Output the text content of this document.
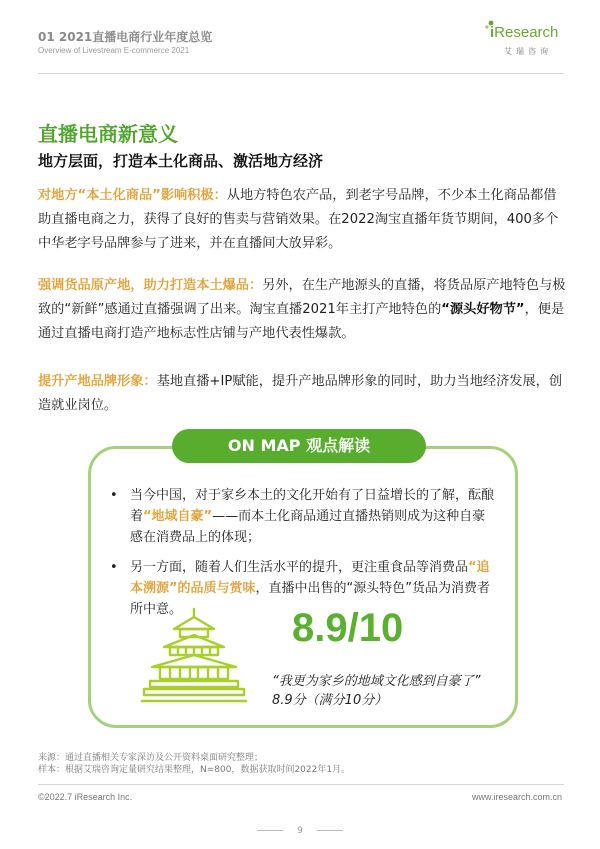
01 2021直播电商行业年度总览
Overview of Livestream E-commerce 2021
iResearch
艾瑞咨询
直播电商新意义
地方层面，打造本土化商品、激活地方经济
对地方“本土化商品”影响积极：从地方特色农产品，到老字号品牌，不少本土化商品都借助直播电商之力，获得了良好的售卖与营销效果。在2022淘宝直播年货节期间，400多个中华老字号品牌参与了进来，并在直播间大放异彩。
强调货品原产地，助力打造本土爆品：另外，在生产地源头的直播，将货品原产地特色与极致的“新鲜”感通过直播强调了出来。淘宝直播2021年主打产地特色的“源头好物节”，便是通过直播电商打造产地标志性店铺与产地代表性爆款。
提升产地品牌形象：基地直播+IP赋能，提升产地品牌形象的同时，助力当地经济发展，创造就业岗位。
ON MAP 观点解读
• 当今中国，对于家乡本土的文化开始有了日益增长的了解，酝酿着“地域自豪”——而本土化商品通过直播热销则成为这种自豪感在消费品上的体现；
• 另一方面，随着人们生活水平的提升，更注重食品等消费品“追本溯源”的品质与赏味，直播中出售的“源头特色”货品为消费者所中意。	8.9/10
“我更为家乡的地域文化感到自豪了” 8.9分（满分10分）
来源：通过直播相关专家深访及公开资料桌面研究整理；
样本：根据艾瑞咨询定量研究结果整理，N=800，数据获取时间2022年1月。
©2022.7 iResearch Inc.	www.iresearch.com.cn
9
